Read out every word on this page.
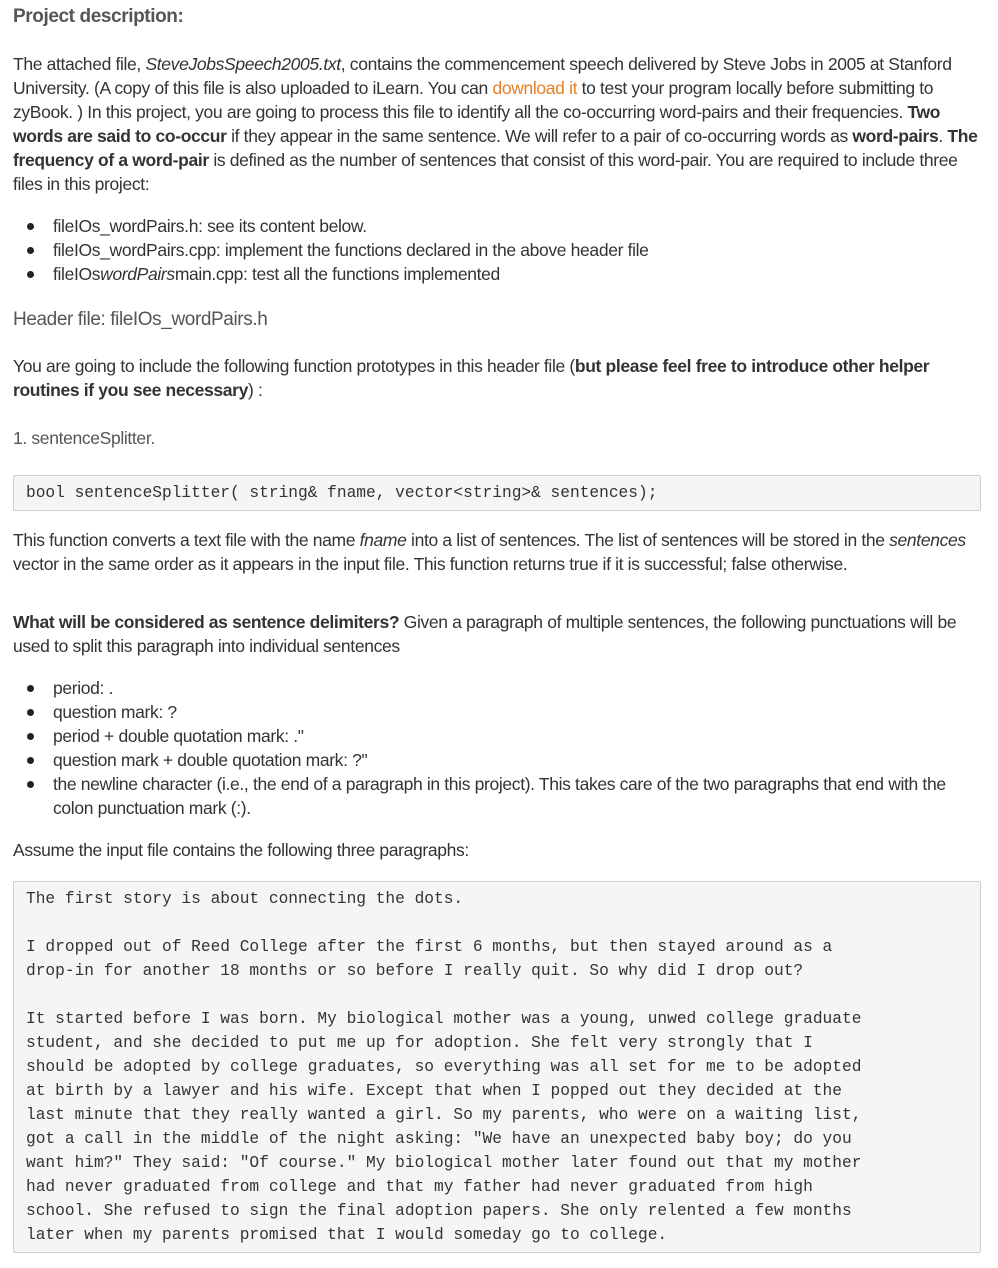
Project description:

The attached file, SteveJobsSpeech2005.txt, contains the commencement speech delivered by Steve Jobs in 2005 at Stanford University. (A copy of this file is also uploaded to iLearn. You can download it to test your program locally before submitting to zyBook. ) In this project, you are going to process this file to identify all the co-occurring word-pairs and their frequencies. Two words are said to co-occur if they appear in the same sentence. We will refer to a pair of co-occurring words as word-pairs. The frequency of a word-pair is defined as the number of sentences that consist of this word-pair. You are required to include three files in this project:

fileIOs_wordPairs.h: see its content below.
fileIOs_wordPairs.cpp: implement the functions declared in the above header file
fileIOswordPairsmain.cpp: test all the functions implemented
Header file: fileIOs_wordPairs.h

You are going to include the following function prototypes in this header file (but please feel free to introduce other helper routines if you see necessary) :

1. sentenceSplitter.
bool sentenceSplitter( string& fname, vector<string>& sentences);

This function converts a text file with the name fname into a list of sentences. The list of sentences will be stored in the sentences vector in the same order as it appears in the input file. This function returns true if it is successful; false otherwise.

What will be considered as sentence delimiters? Given a paragraph of multiple sentences, the following punctuations will be used to split this paragraph into individual sentences

period: .
question mark: ?
period + double quotation mark: ."
question mark + double quotation mark: ?"
the newline character (i.e., the end of a paragraph in this project). This takes care of the two paragraphs that end with the colon punctuation mark (:).

Assume the input file contains the following three paragraphs:

The first story is about connecting the dots.

I dropped out of Reed College after the first 6 months, but then stayed around as a
drop-in for another 18 months or so before I really quit. So why did I drop out?

It started before I was born. My biological mother was a young, unwed college graduate
student, and she decided to put me up for adoption. She felt very strongly that I
should be adopted by college graduates, so everything was all set for me to be adopted
at birth by a lawyer and his wife. Except that when I popped out they decided at the
last minute that they really wanted a girl. So my parents, who were on a waiting list,
got a call in the middle of the night asking: "We have an unexpected baby boy; do you
want him?" They said: "Of course." My biological mother later found out that my mother
had never graduated from college and that my father had never graduated from high
school. She refused to sign the final adoption papers. She only relented a few months
later when my parents promised that I would someday go to college.
